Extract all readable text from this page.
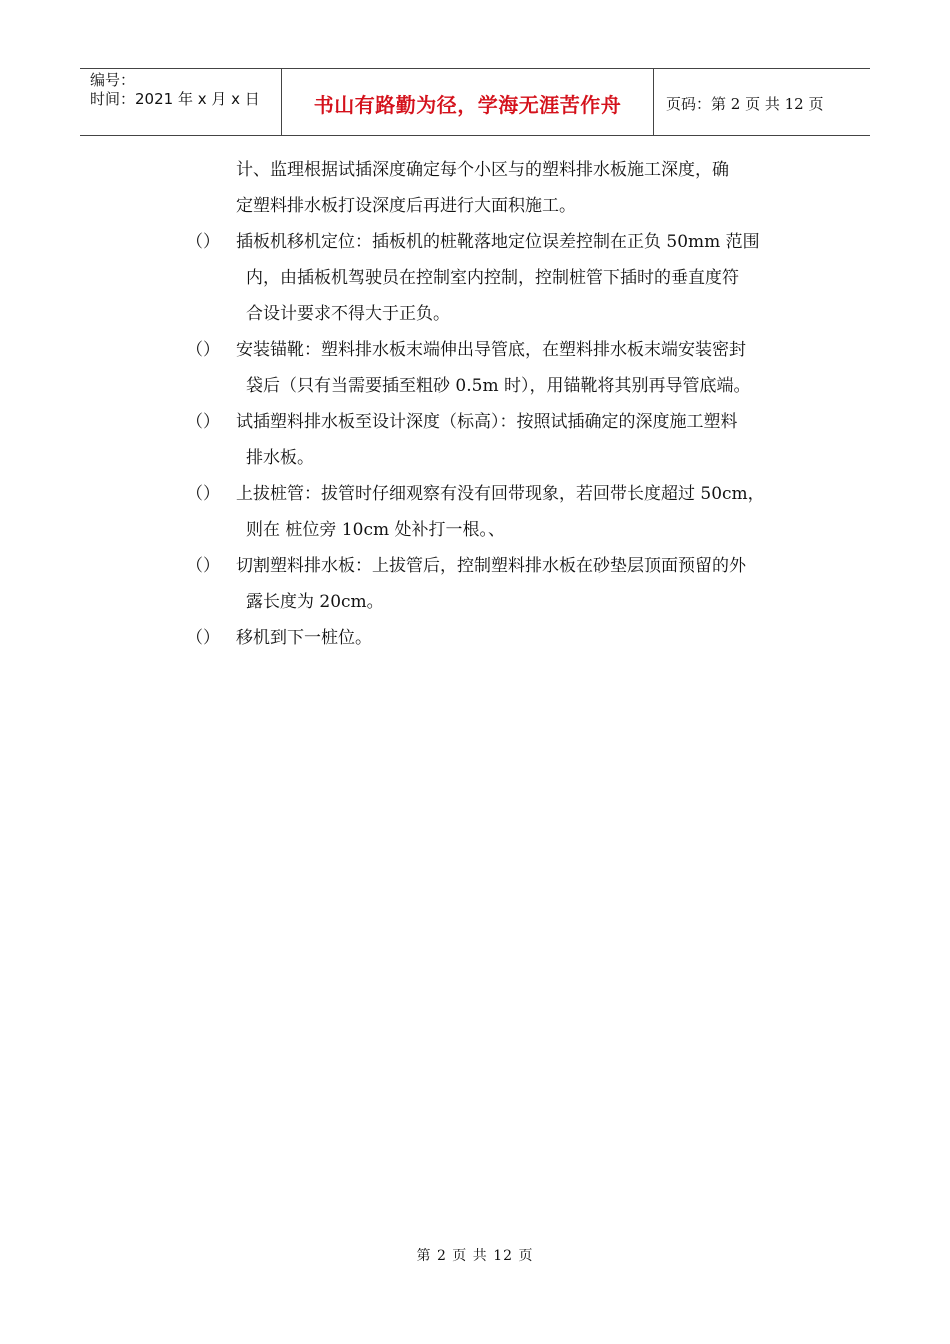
编号：
时间：2021 年 x 月 x 日	书山有路勤为径，学海无涯苦作舟	页码：第 2 页 共 12 页
计、监理根据试插深度确定每个小区与的塑料排水板施工深度，确
定塑料排水板打设深度后再进行大面积施工。
（） 插板机移机定位：插板机的桩靴落地定位误差控制在正负 50mm 范围
内，由插板机驾驶员在控制室内控制，控制桩管下插时的垂直度符
合设计要求不得大于正负。
（） 安装锚靴：塑料排水板末端伸出导管底，在塑料排水板末端安装密封
袋后（只有当需要插至粗砂 0.5m 时），用锚靴将其别再导管底端。
（） 试插塑料排水板至设计深度（标高）：按照试插确定的深度施工塑料
排水板。
（） 上拔桩管：拔管时仔细观察有没有回带现象，若回带长度超过 50cm，
则在 桩位旁 10cm 处补打一根。、
（） 切割塑料排水板：上拔管后，控制塑料排水板在砂垫层顶面预留的外
露长度为 20cm。
（） 移机到下一桩位。
第 2 页 共 12 页
